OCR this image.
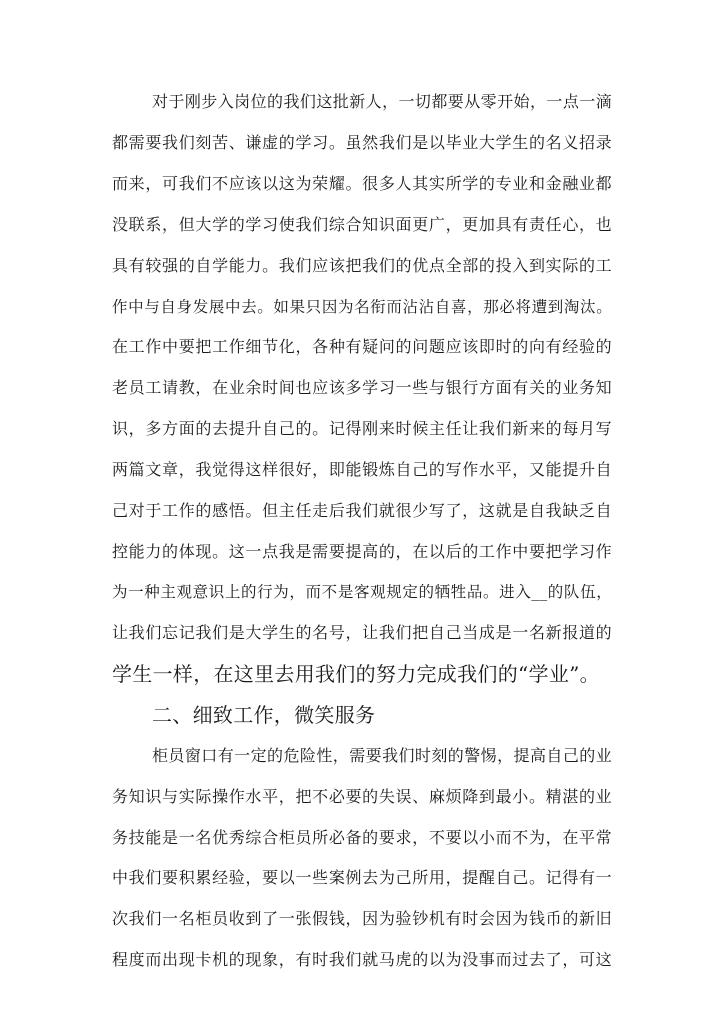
对于刚步入岗位的我们这批新人，一切都要从零开始，一点一滴
都需要我们刻苦、谦虚的学习。虽然我们是以毕业大学生的名义招录
而来，可我们不应该以这为荣耀。很多人其实所学的专业和金融业都
没联系，但大学的学习使我们综合知识面更广，更加具有责任心，也
具有较强的自学能力。我们应该把我们的优点全部的投入到实际的工
作中与自身发展中去。如果只因为名衔而沾沾自喜，那必将遭到淘汰。
在工作中要把工作细节化，各种有疑问的问题应该即时的向有经验的
老员工请教，在业余时间也应该多学习一些与银行方面有关的业务知
识，多方面的去提升自己的。记得刚来时候主任让我们新来的每月写
两篇文章，我觉得这样很好，即能锻炼自己的写作水平，又能提升自
己对于工作的感悟。但主任走后我们就很少写了，这就是自我缺乏自
控能力的体现。这一点我是需要提高的，在以后的工作中要把学习作
为一种主观意识上的行为，而不是客观规定的牺牲品。进入__的队伍，
让我们忘记我们是大学生的名号，让我们把自己当成是一名新报道的
学生一样，在这里去用我们的努力完成我们的“学业”。
二、细致工作，微笑服务
柜员窗口有一定的危险性，需要我们时刻的警惕，提高自己的业
务知识与实际操作水平，把不必要的失误、麻烦降到最小。精湛的业
务技能是一名优秀综合柜员所必备的要求，不要以小而不为，在平常
中我们要积累经验，要以一些案例去为己所用，提醒自己。记得有一
次我们一名柜员收到了一张假钱，因为验钞机有时会因为钱币的新旧
程度而出现卡机的现象，有时我们就马虎的以为没事而过去了，可这
